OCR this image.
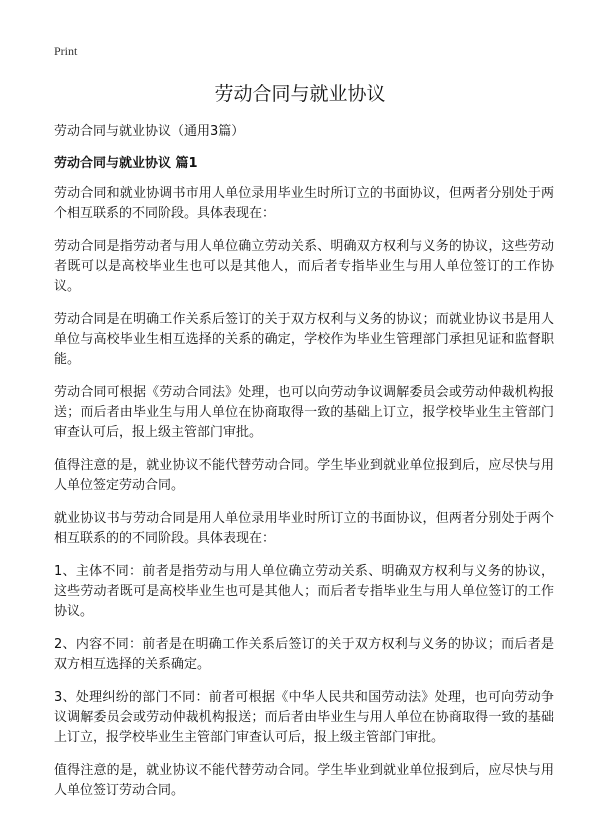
Print
劳动合同与就业协议

劳动合同与就业协议（通用3篇）

劳动合同与就业协议 篇1

劳动合同和就业协调书市用人单位录用毕业生时所订立的书面协议，但两者分别处于两个相互联系的不同阶段。具体表现在：

劳动合同是指劳动者与用人单位确立劳动关系、明确双方权利与义务的协议，这些劳动者既可以是高校毕业生也可以是其他人，而后者专指毕业生与用人单位签订的工作协议。

劳动合同是在明确工作关系后签订的关于双方权利与义务的协议；而就业协议书是用人单位与高校毕业生相互选择的关系的确定，学校作为毕业生管理部门承担见证和监督职能。

劳动合同可根据《劳动合同法》处理，也可以向劳动争议调解委员会或劳动仲裁机构报送；而后者由毕业生与用人单位在协商取得一致的基础上订立，报学校毕业生主管部门审查认可后，报上级主管部门审批。

值得注意的是，就业协议不能代替劳动合同。学生毕业到就业单位报到后，应尽快与用人单位签定劳动合同。

就业协议书与劳动合同是用人单位录用毕业时所订立的书面协议，但两者分别处于两个相互联系的的不同阶段。具体表现在：

1、主体不同：前者是指劳动与用人单位确立劳动关系、明确双方权利与义务的协议，这些劳动者既可是高校毕业生也可是其他人；而后者专指毕业生与用人单位签订的工作协议。

2、内容不同：前者是在明确工作关系后签订的关于双方权利与义务的协议；而后者是双方相互选择的关系确定。

3、处理纠纷的部门不同：前者可根据《中华人民共和国劳动法》处理，也可向劳动争议调解委员会或劳动仲裁机构报送；而后者由毕业生与用人单位在协商取得一致的基础上订立，报学校毕业生主管部门审查认可后，报上级主管部门审批。

值得注意的是，就业协议不能代替劳动合同。学生毕业到就业单位报到后，应尽快与用人单位签订劳动合同。
